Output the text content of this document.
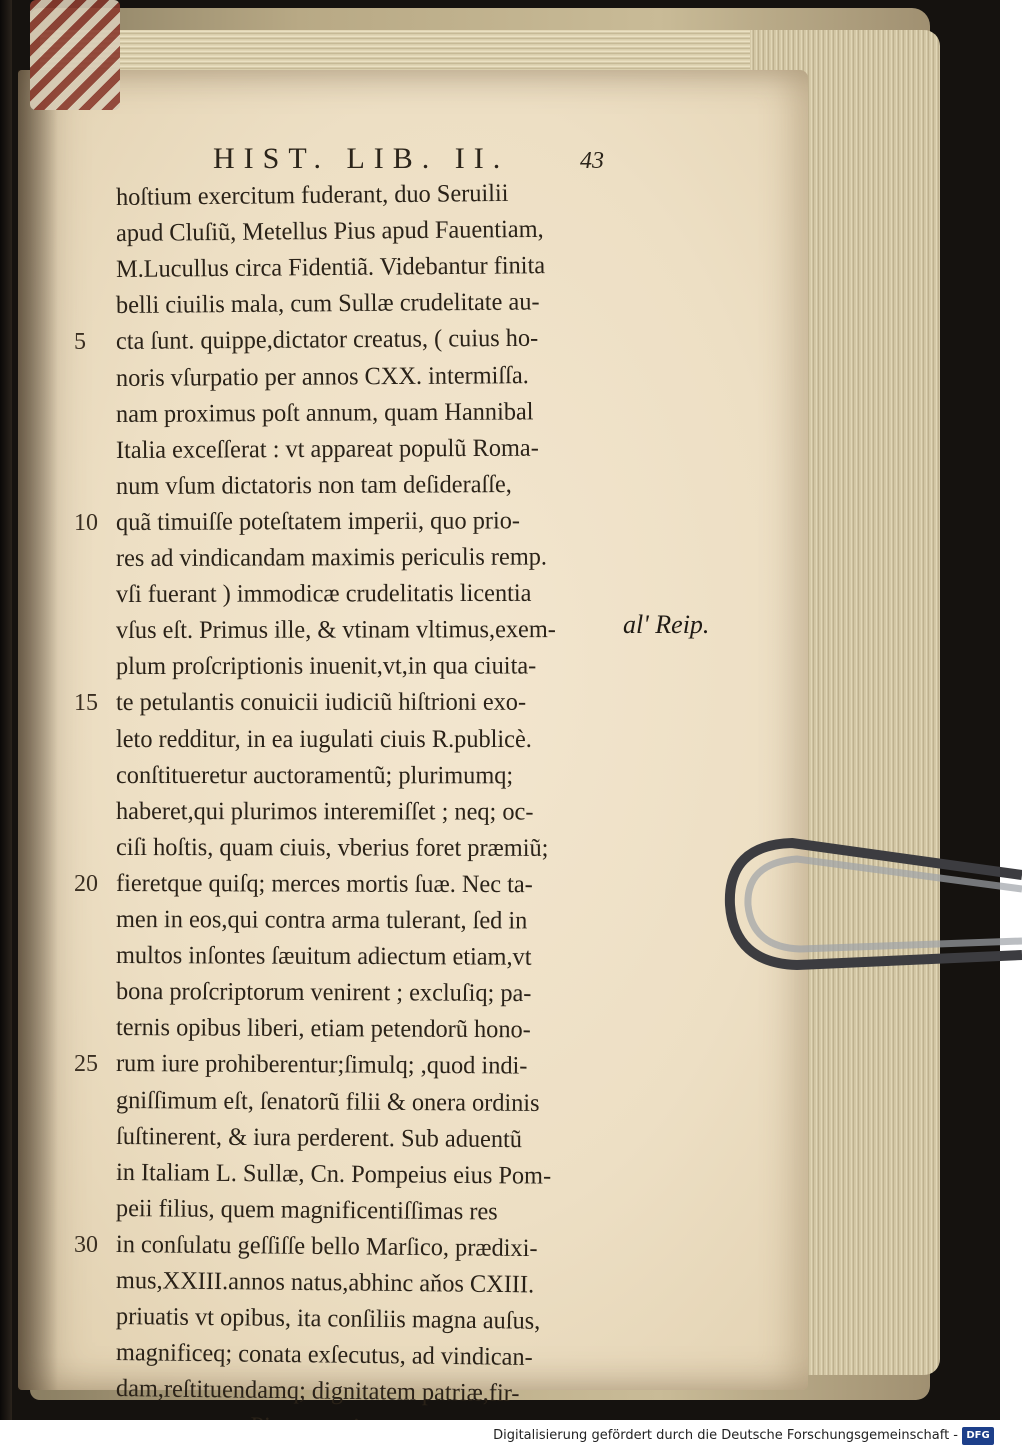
HIST. LIB. II.	43
al' Reip.
hoſtium exercitum fuderant, duo Seruilii
apud Cluſiũ, Metellus Pius apud Fauentiam,
M.Lucullus circa Fidentiã. Videbantur finita
belli ciuilis mala, cum Sullæ crudelitate au-
cta ſunt. quippe,dictator creatus, ( cuius ho-
5
noris vſurpatio per annos CXX. intermiſſa.
nam proximus poſt annum, quam Hannibal
Italia exceſſerat : vt appareat populũ Roma-
num vſum dictatoris non tam deſideraſſe,
quã timuiſſe poteſtatem imperii, quo prio-
10
res ad vindicandam maximis periculis remp.
vſi fuerant ) immodicæ crudelitatis licentia
vſus eſt. Primus ille, & vtinam vltimus,exem-
plum proſcriptionis inuenit,vt,in qua ciuita-
te petulantis conuicii iudiciũ hiſtrioni exo-
15
leto redditur, in ea iugulati ciuis R.publicè.
conſtitueretur auctoramentũ; plurimumq;
haberet,qui plurimos interemiſſet ; neq; oc-
ciſi hoſtis, quam ciuis, vberius foret præmiũ;
fieretque quiſq; merces mortis ſuæ. Nec ta-
20
men in eos,qui contra arma tulerant, ſed in
multos inſontes ſæuitum adiectum etiam,vt
bona proſcriptorum venirent ; excluſiq; pa-
ternis opibus liberi, etiam petendorũ hono-
rum iure prohiberentur;ſimulq; ,quod indi-
25
gniſſimum eſt, ſenatorũ filii & onera ordinis
ſuſtinerent, & iura perderent. Sub aduentũ
in Italiam L. Sullæ, Cn. Pompeius eius Pom-
peii filius, quem magnificentiſſimas res
in conſulatu geſſiſſe bello Marſico, prædixi-
30
mus,XXIII.annos natus,abhinc aňos CXIII.
priuatis vt opibus, ita conſiliis magna auſus,
magnificeq; conata exſecutus, ad vindican-
dam,reſtituendamq; dignitatem patriæ,fir-
Digitalisierung gefördert durch die Deutsche Forschungsgemeinschaft - DFG
